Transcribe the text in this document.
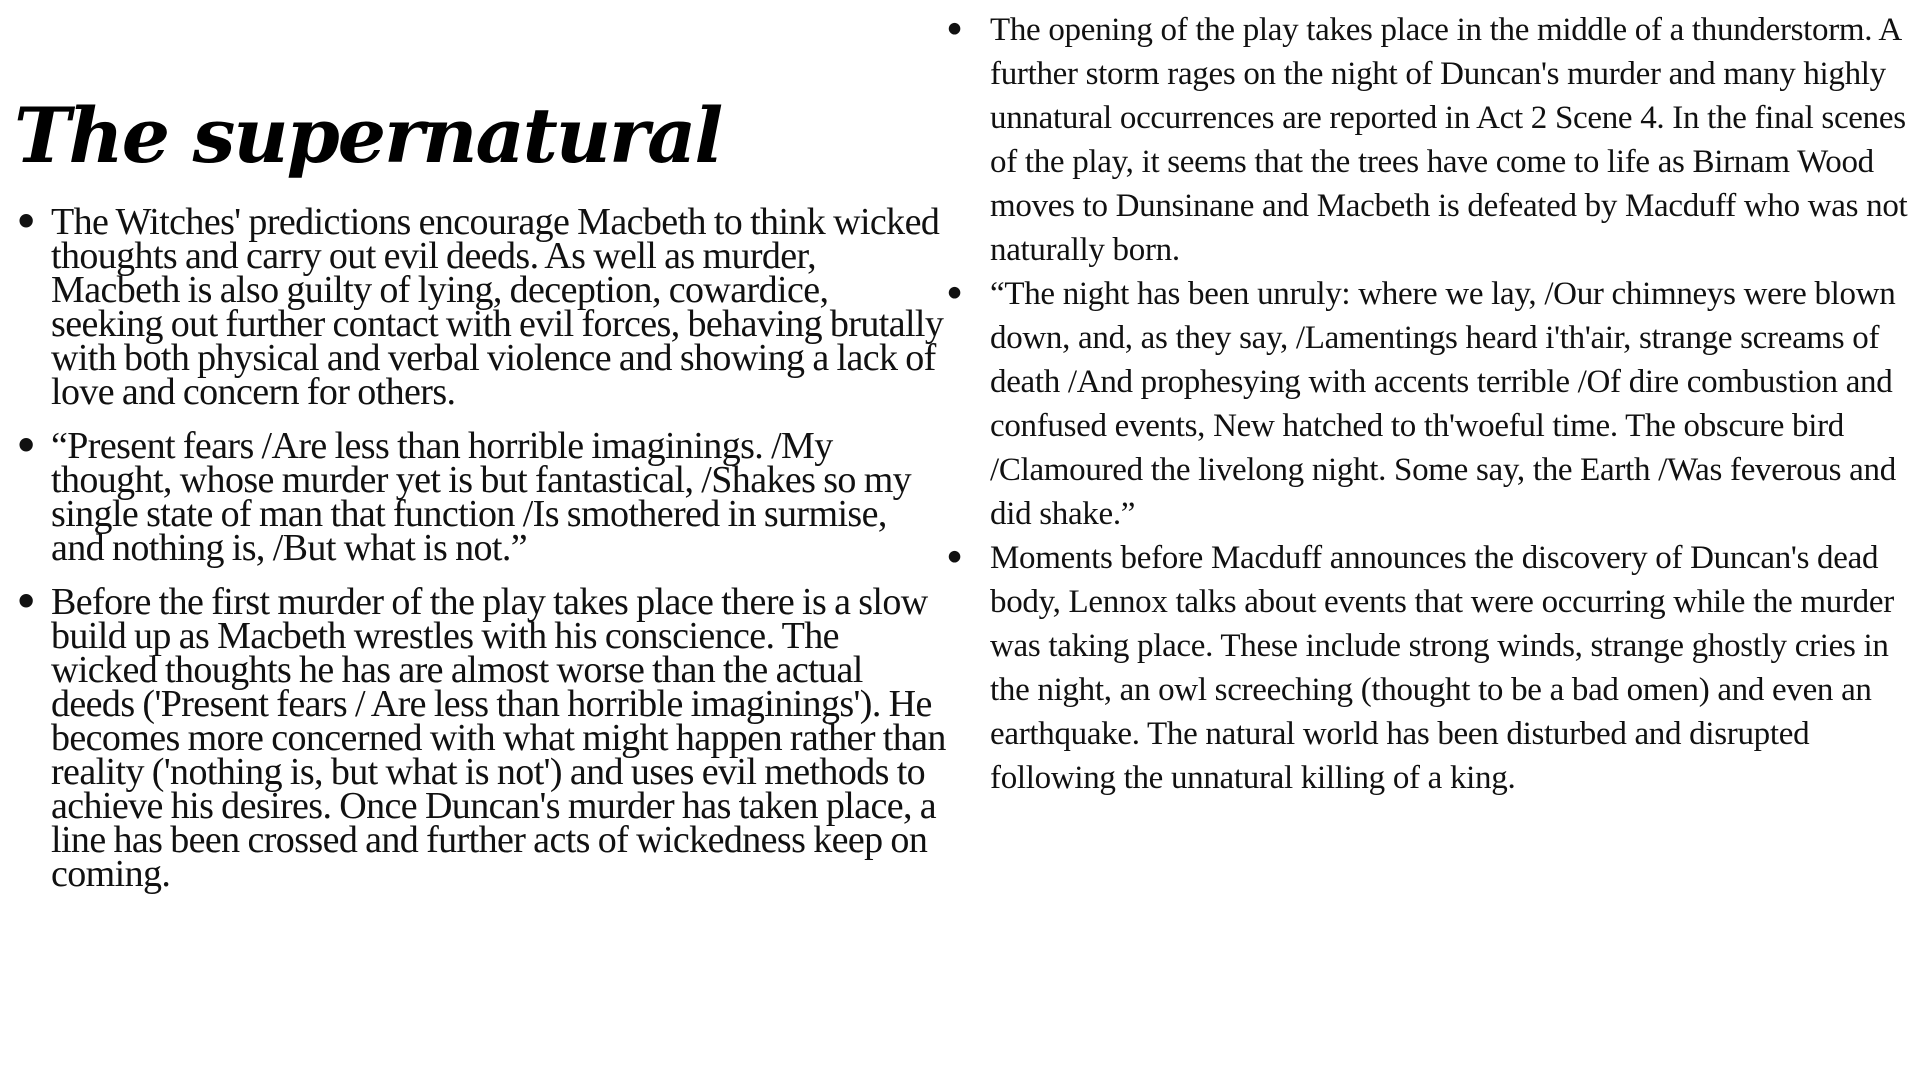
The supernatural
• The Witches' predictions encourage Macbeth to think wicked thoughts and carry out evil deeds. As well as murder, Macbeth is also guilty of lying, deception, cowardice, seeking out further contact with evil forces, behaving brutally with both physical and verbal violence and showing a lack of love and concern for others.
• “Present fears /Are less than horrible imaginings. /My thought, whose murder yet is but fantastical, /Shakes so my single state of man that function /Is smothered in surmise, and nothing is, /But what is not.”
• Before the first murder of the play takes place there is a slow build up as Macbeth wrestles with his conscience. The wicked thoughts he has are almost worse than the actual deeds ('Present fears / Are less than horrible imaginings'). He becomes more concerned with what might happen rather than reality ('nothing is, but what is not') and uses evil methods to achieve his desires. Once Duncan's murder has taken place, a line has been crossed and further acts of wickedness keep on coming.
• The opening of the play takes place in the middle of a thunderstorm. A further storm rages on the night of Duncan's murder and many highly unnatural occurrences are reported in Act 2 Scene 4. In the final scenes of the play, it seems that the trees have come to life as Birnam Wood moves to Dunsinane and Macbeth is defeated by Macduff who was not naturally born.
• “The night has been unruly: where we lay, /Our chimneys were blown down, and, as they say, /Lamentings heard i'th'air, strange screams of death /And prophesying with accents terrible /Of dire combustion and confused events, New hatched to th'woeful time. The obscure bird /Clamoured the livelong night. Some say, the Earth /Was feverous and did shake.”
• Moments before Macduff announces the discovery of Duncan's dead body, Lennox talks about events that were occurring while the murder was taking place. These include strong winds, strange ghostly cries in the night, an owl screeching (thought to be a bad omen) and even an earthquake. The natural world has been disturbed and disrupted following the unnatural killing of a king.
